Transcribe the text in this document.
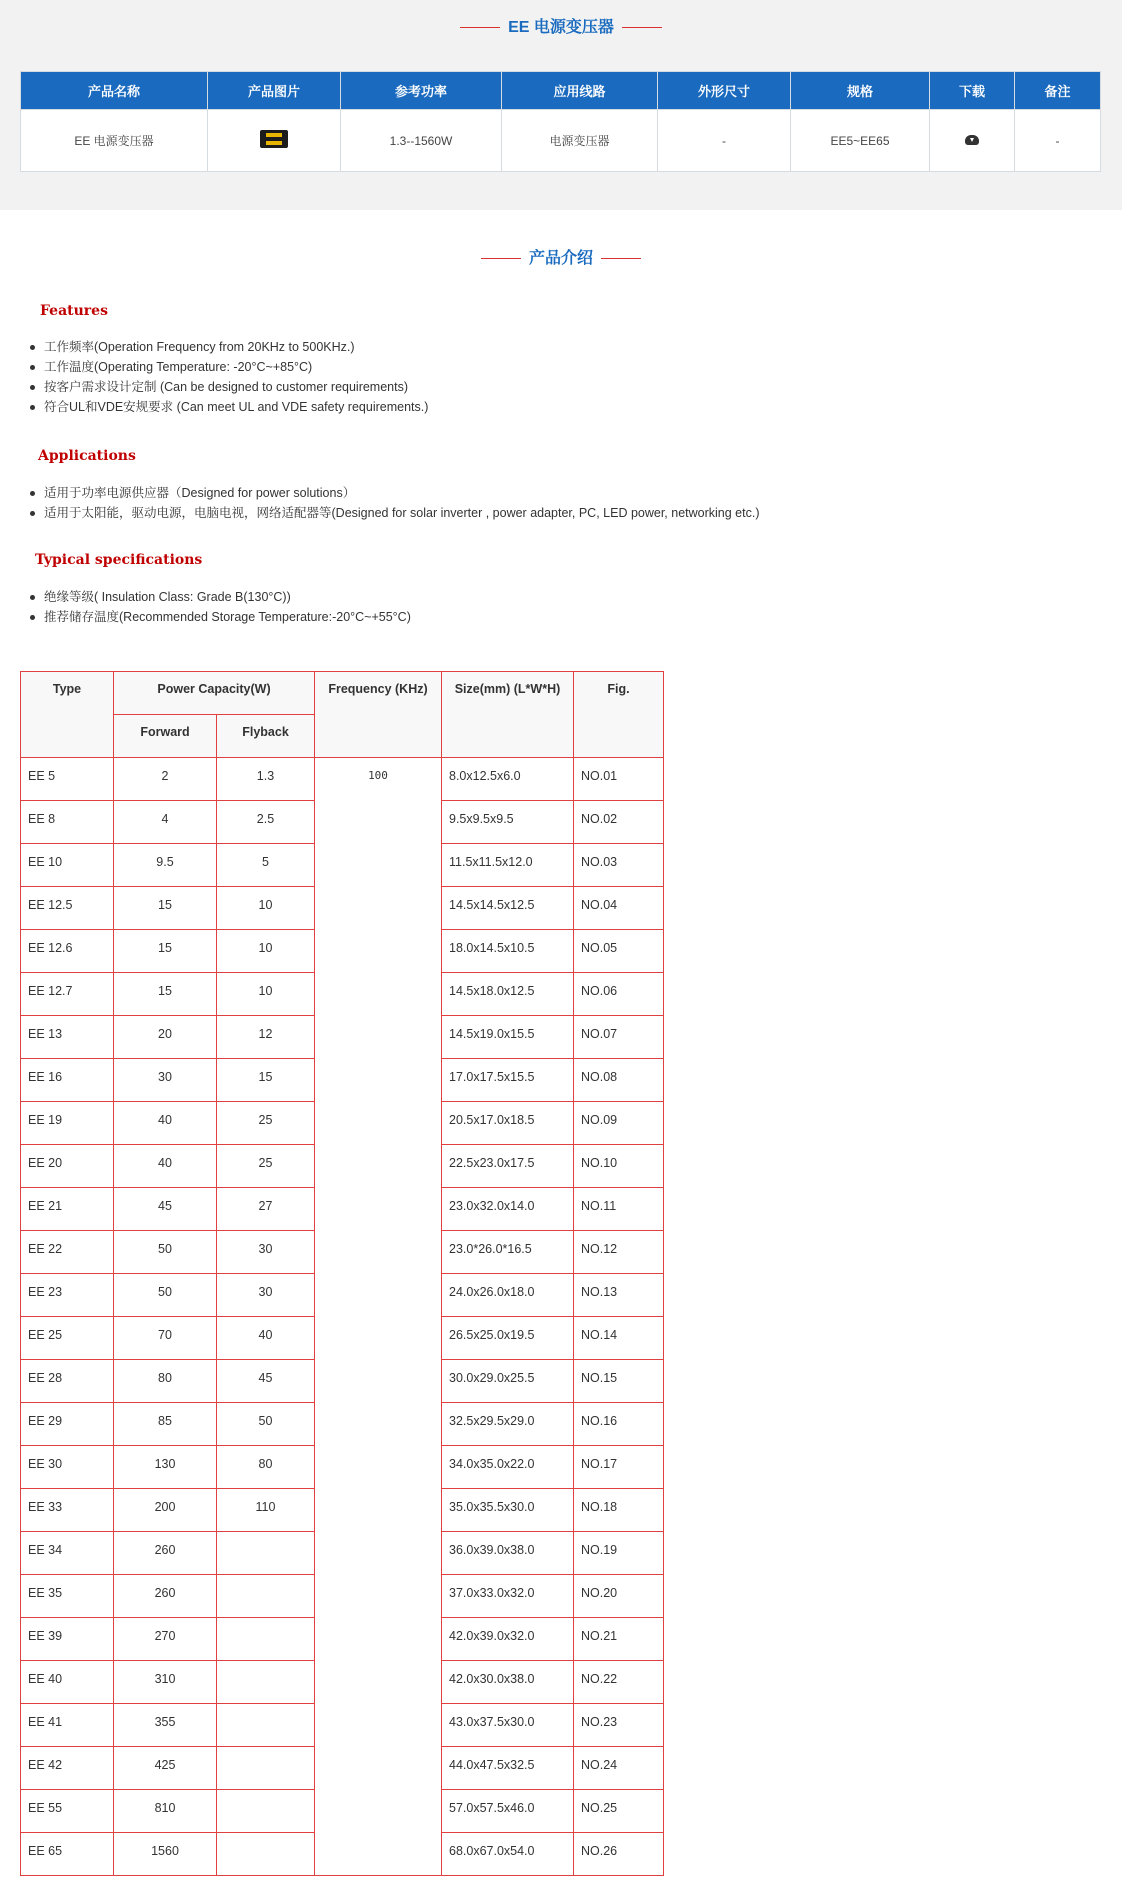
EE 电源变压器
产品名称	产品图片	参考功率	应用线路	外形尺寸	规格	下载	备注
EE 电源变压器		1.3--1560W	电源变压器	-	EE5~EE65		-
产品介绍
Features
工作频率(Operation Frequency from 20KHz to 500KHz.)
工作温度(Operating Temperature: -20°C~+85°C)
按客户需求设计定制 (Can be designed to customer requirements)
符合UL和VDE安规要求 (Can meet UL and VDE safety requirements.)
Applications
适用于功率电源供应器（Designed for power solutions）
适用于太阳能，驱动电源，电脑电视，网络适配器等(Designed for solar inverter , power adapter, PC, LED power, networking etc.)
Typical specifications
绝缘等级( Insulation Class: Grade B(130°C))
推荐储存温度(Recommended Storage Temperature:-20°C~+55°C)
Type	Power Capacity(W)		Frequency (KHz)	Size(mm) (L*W*H)	Fig.
	Forward	Flyback			
EE 5	2	1.3	100	8.0x12.5x6.0	NO.01
EE 8	4	2.5		9.5x9.5x9.5	NO.02
EE 10	9.5	5		11.5x11.5x12.0	NO.03
EE 12.5	15	10		14.5x14.5x12.5	NO.04
EE 12.6	15	10		18.0x14.5x10.5	NO.05
EE 12.7	15	10		14.5x18.0x12.5	NO.06
EE 13	20	12		14.5x19.0x15.5	NO.07
EE 16	30	15		17.0x17.5x15.5	NO.08
EE 19	40	25		20.5x17.0x18.5	NO.09
EE 20	40	25		22.5x23.0x17.5	NO.10
EE 21	45	27		23.0x32.0x14.0	NO.11
EE 22	50	30		23.0*26.0*16.5	NO.12
EE 23	50	30		24.0x26.0x18.0	NO.13
EE 25	70	40		26.5x25.0x19.5	NO.14
EE 28	80	45		30.0x29.0x25.5	NO.15
EE 29	85	50		32.5x29.5x29.0	NO.16
EE 30	130	80		34.0x35.0x22.0	NO.17
EE 33	200	110		35.0x35.5x30.0	NO.18
EE 34	260			36.0x39.0x38.0	NO.19
EE 35	260			37.0x33.0x32.0	NO.20
EE 39	270			42.0x39.0x32.0	NO.21
EE 40	310			42.0x30.0x38.0	NO.22
EE 41	355			43.0x37.5x30.0	NO.23
EE 42	425			44.0x47.5x32.5	NO.24
EE 55	810			57.0x57.5x46.0	NO.25
EE 65	1560			68.0x67.0x54.0	NO.26
